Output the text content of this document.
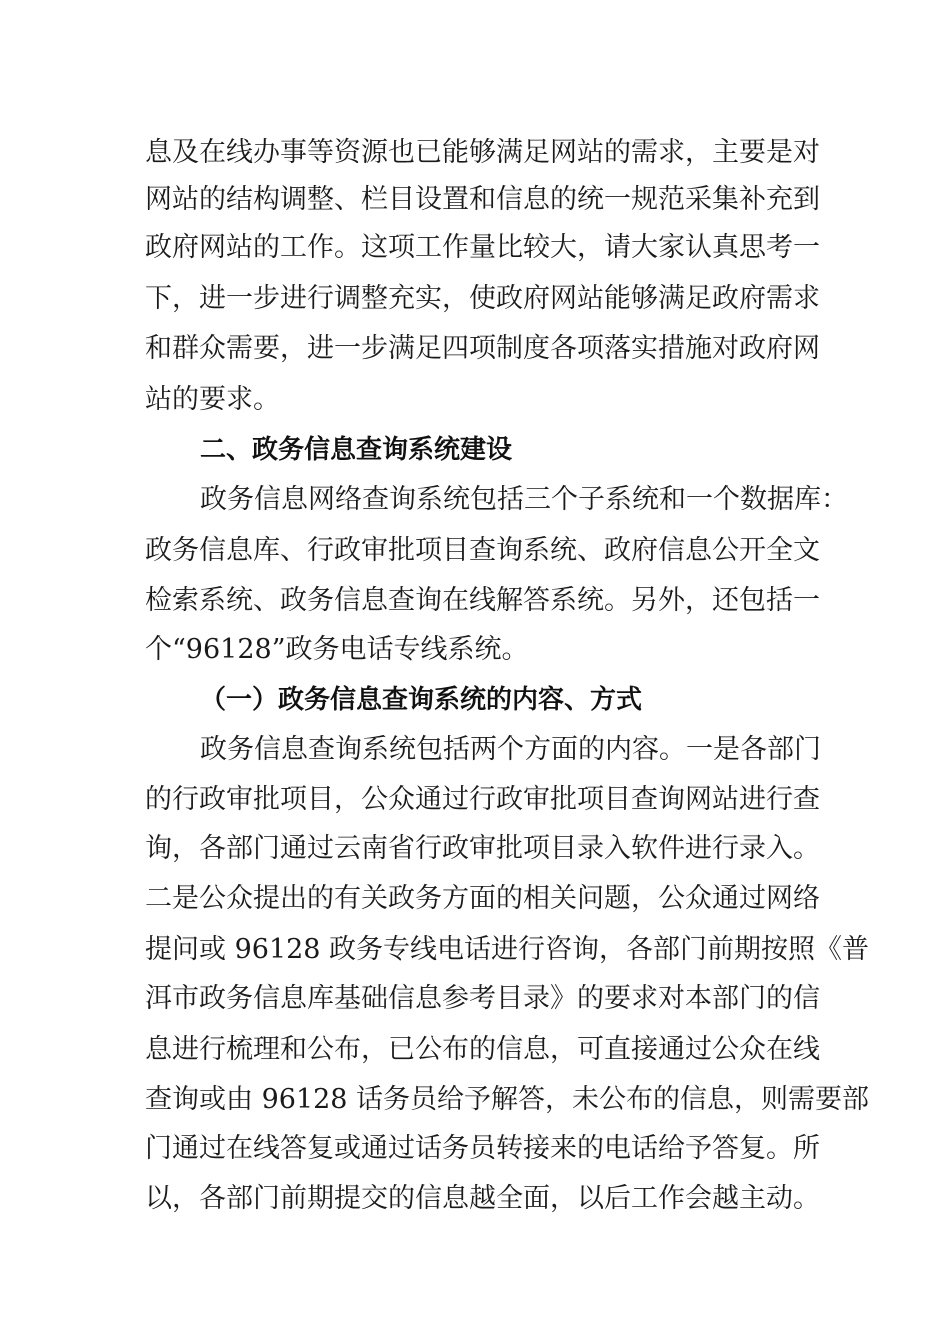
息及在线办事等资源也已能够满足网站的需求，主要是对

网站的结构调整、栏目设置和信息的统一规范采集补充到

政府网站的工作。这项工作量比较大，请大家认真思考一

下，进一步进行调整充实，使政府网站能够满足政府需求

和群众需要，进一步满足四项制度各项落实措施对政府网

站的要求。

二、政务信息查询系统建设

政务信息网络查询系统包括三个子系统和一个数据库：

政务信息库、行政审批项目查询系统、政府信息公开全文

检索系统、政务信息查询在线解答系统。另外，还包括一

个“96128”政务电话专线系统。

（一）政务信息查询系统的内容、方式

政务信息查询系统包括两个方面的内容。一是各部门

的行政审批项目，公众通过行政审批项目查询网站进行查

询，各部门通过云南省行政审批项目录入软件进行录入。

二是公众提出的有关政务方面的相关问题，公众通过网络

提问或 96128 政务专线电话进行咨询，各部门前期按照《普

洱市政务信息库基础信息参考目录》的要求对本部门的信

息进行梳理和公布，已公布的信息，可直接通过公众在线

查询或由 96128 话务员给予解答，未公布的信息，则需要部

门通过在线答复或通过话务员转接来的电话给予答复。所

以，各部门前期提交的信息越全面，以后工作会越主动。
